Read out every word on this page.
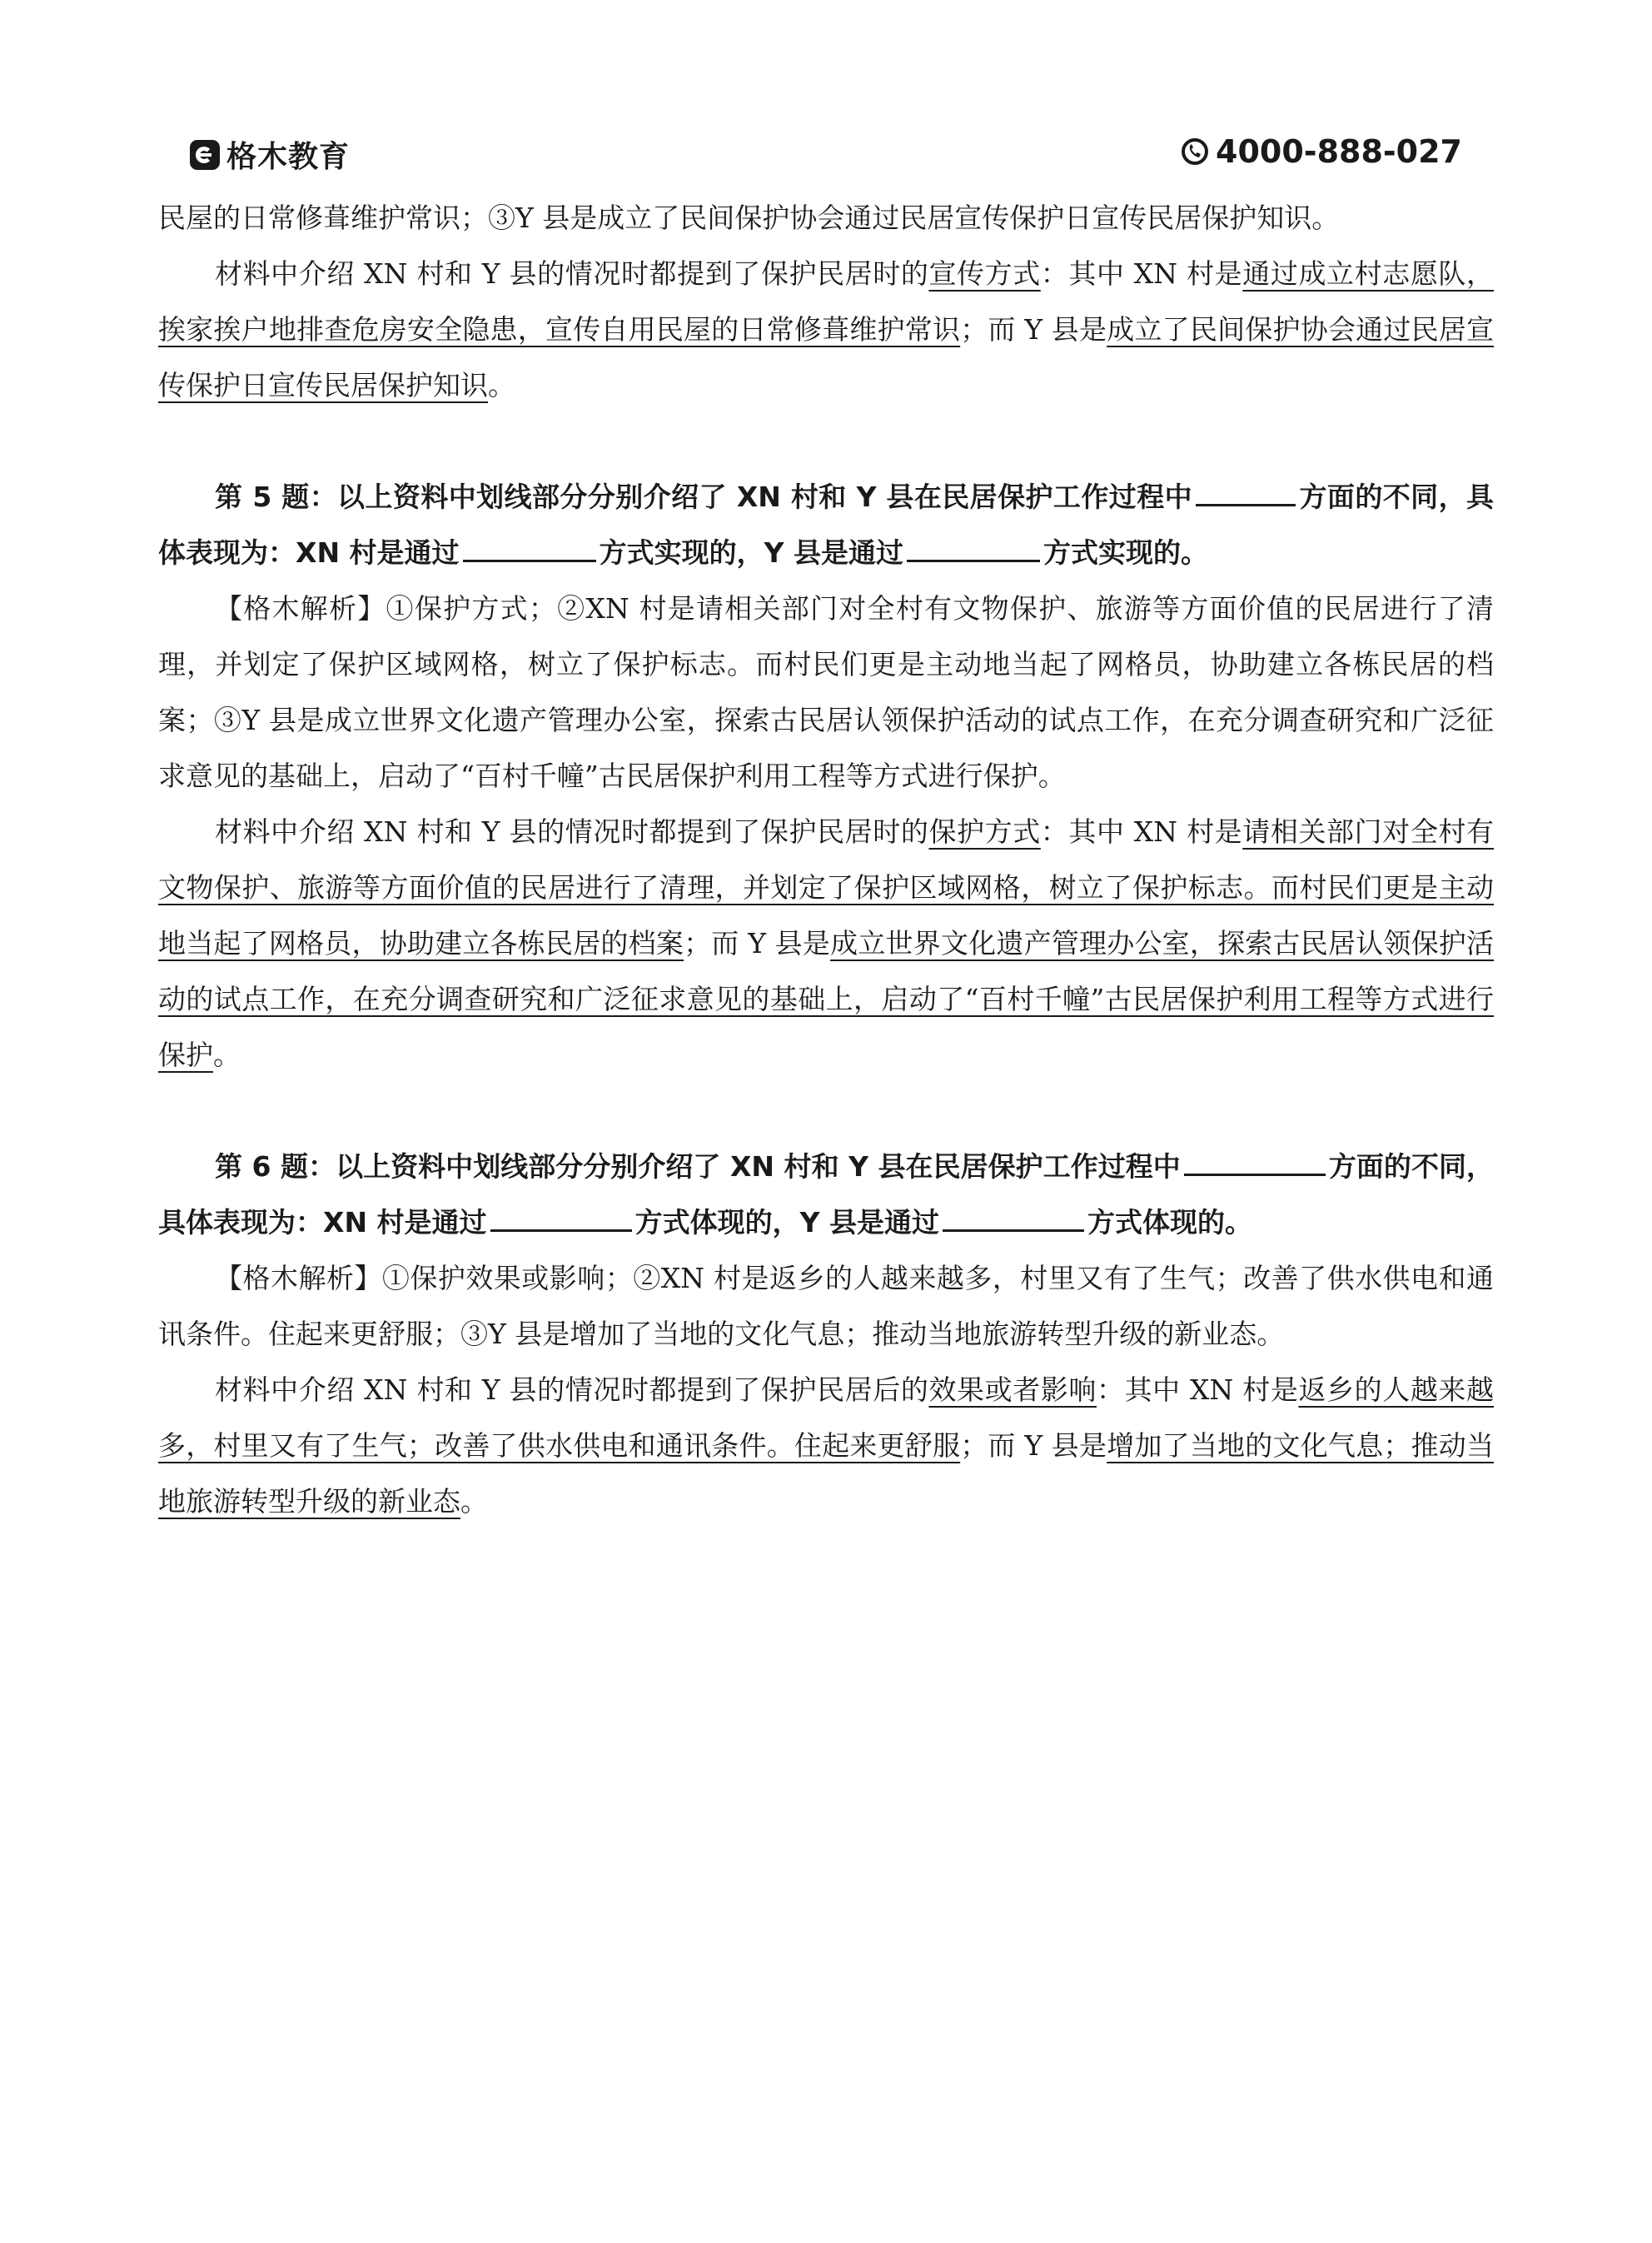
格木教育	4000-888-027

民屋的日常修葺维护常识；③Y 县是成立了民间保护协会通过民居宣传保护日宣传民居保护知识。

材料中介绍 XN 村和 Y 县的情况时都提到了保护民居时的宣传方式：其中 XN 村是通过成立村志愿队，挨家挨户地排查危房安全隐患，宣传自用民屋的日常修葺维护常识；而 Y 县是成立了民间保护协会通过民居宣传保护日宣传民居保护知识。

第 5 题：以上资料中划线部分分别介绍了 XN 村和 Y 县在民居保护工作过程中	方面的不同，具体表现为：XN 村是通过	方式实现的，Y 县是通过	方式实现的。

【格木解析】①保护方式；②XN 村是请相关部门对全村有文物保护、旅游等方面价值的民居进行了清理，并划定了保护区域网格，树立了保护标志。而村民们更是主动地当起了网格员，协助建立各栋民居的档案；③Y 县是成立世界文化遗产管理办公室，探索古民居认领保护活动的试点工作，在充分调查研究和广泛征求意见的基础上，启动了“百村千幢”古民居保护利用工程等方式进行保护。

材料中介绍 XN 村和 Y 县的情况时都提到了保护民居时的保护方式：其中 XN 村是请相关部门对全村有文物保护、旅游等方面价值的民居进行了清理，并划定了保护区域网格，树立了保护标志。而村民们更是主动地当起了网格员，协助建立各栋民居的档案；而 Y 县是成立世界文化遗产管理办公室，探索古民居认领保护活动的试点工作，在充分调查研究和广泛征求意见的基础上，启动了“百村千幢”古民居保护利用工程等方式进行保护。

第 6 题：以上资料中划线部分分别介绍了 XN 村和 Y 县在民居保护工作过程中	方面的不同，具体表现为：XN 村是通过	方式体现的，Y 县是通过	方式体现的。

【格木解析】①保护效果或影响；②XN 村是返乡的人越来越多，村里又有了生气；改善了供水供电和通讯条件。住起来更舒服；③Y 县是增加了当地的文化气息；推动当地旅游转型升级的新业态。

材料中介绍 XN 村和 Y 县的情况时都提到了保护民居后的效果或者影响：其中 XN 村是返乡的人越来越多，村里又有了生气；改善了供水供电和通讯条件。住起来更舒服；而 Y 县是增加了当地的文化气息；推动当地旅游转型升级的新业态。
